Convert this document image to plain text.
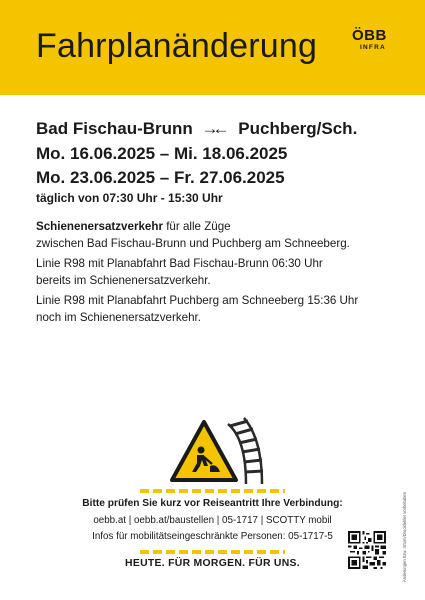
Fahrplanänderung ÖBB
INFRA
Bad Fischau-Brunn →← Puchberg/Sch.
Mo. 16.06.2025 – Mi. 18.06.2025
Mo. 23.06.2025 – Fr. 27.06.2025
täglich von 07:30 Uhr - 15:30 Uhr

Schienenersatzverkehr für alle Züge
zwischen Bad Fischau-Brunn und Puchberg am Schneeberg.

Linie R98 mit Planabfahrt Bad Fischau-Brunn 06:30 Uhr
bereits im Schienenersatzverkehr.

Linie R98 mit Planabfahrt Puchberg am Schneeberg 15:36 Uhr
noch im Schienenersatzverkehr.

Bitte prüfen Sie kurz vor Reiseantritt Ihre Verbindung:
oebb.at | oebb.at/baustellen | 05-1717 | SCOTTY mobil
Infos für mobilitätseingeschränkte Personen: 05-1717-5
HEUTE. FÜR MORGEN. FÜR UNS.	Änderungen bzw. Irrtum/Druckfehler vorbehalten
